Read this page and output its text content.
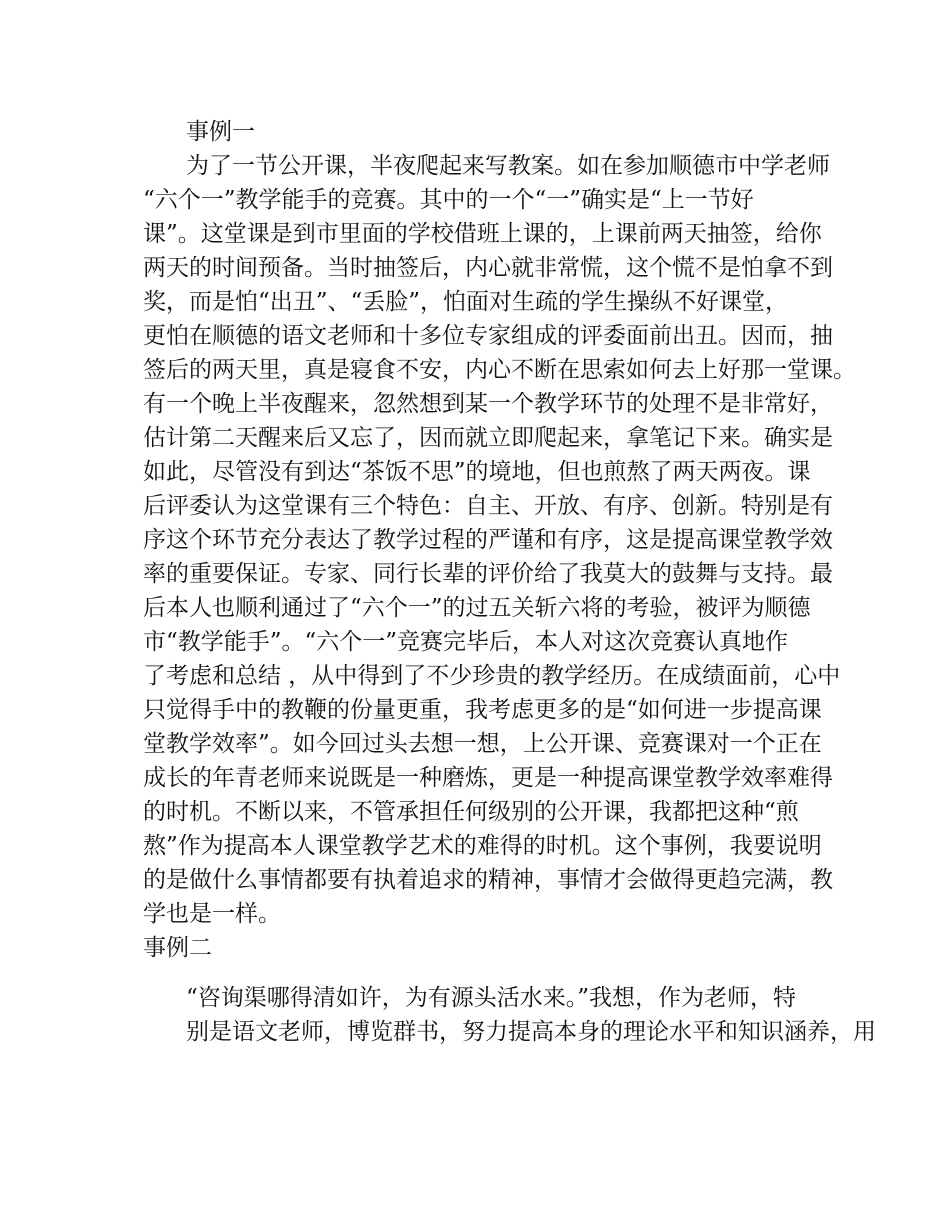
事例一
为了一节公开课，半夜爬起来写教案。如在参加顺德市中学老师
“六个一”教学能手的竞赛。其中的一个“一”确实是“上一节好
课”。这堂课是到市里面的学校借班上课的，上课前两天抽签，给你
两天的时间预备。当时抽签后，内心就非常慌，这个慌不是怕拿不到
奖，而是怕“出丑”、“丢脸”，怕面对生疏的学生操纵不好课堂，
更怕在顺德的语文老师和十多位专家组成的评委面前出丑。因而，抽
签后的两天里，真是寝食不安，内心不断在思索如何去上好那一堂课。
有一个晚上半夜醒来，忽然想到某一个教学环节的处理不是非常好，
估计第二天醒来后又忘了，因而就立即爬起来，拿笔记下来。确实是
如此，尽管没有到达“茶饭不思”的境地，但也煎熬了两天两夜。课
后评委认为这堂课有三个特色：自主、开放、有序、创新。特别是有
序这个环节充分表达了教学过程的严谨和有序，这是提高课堂教学效
率的重要保证。专家、同行长辈的评价给了我莫大的鼓舞与支持。最
后本人也顺利通过了“六个一”的过五关斩六将的考验，被评为顺德
市“教学能手”。“六个一”竞赛完毕后，本人对这次竞赛认真地作
了考虑和总结 ，从中得到了不少珍贵的教学经历。在成绩面前，心中
只觉得手中的教鞭的份量更重，我考虑更多的是“如何进一步提高课
堂教学效率”。如今回过头去想一想，上公开课、竞赛课对一个正在
成长的年青老师来说既是一种磨炼，更是一种提高课堂教学效率难得
的时机。不断以来，不管承担任何级别的公开课，我都把这种“煎
熬”作为提高本人课堂教学艺术的难得的时机。这个事例，我要说明
的是做什么事情都要有执着追求的精神，事情才会做得更趋完满，教
学也是一样。
事例二
“咨询渠哪得清如许，为有源头活水来。”我想，作为老师，特
别是语文老师，博览群书，努力提高本身的理论水平和知识涵养，用
